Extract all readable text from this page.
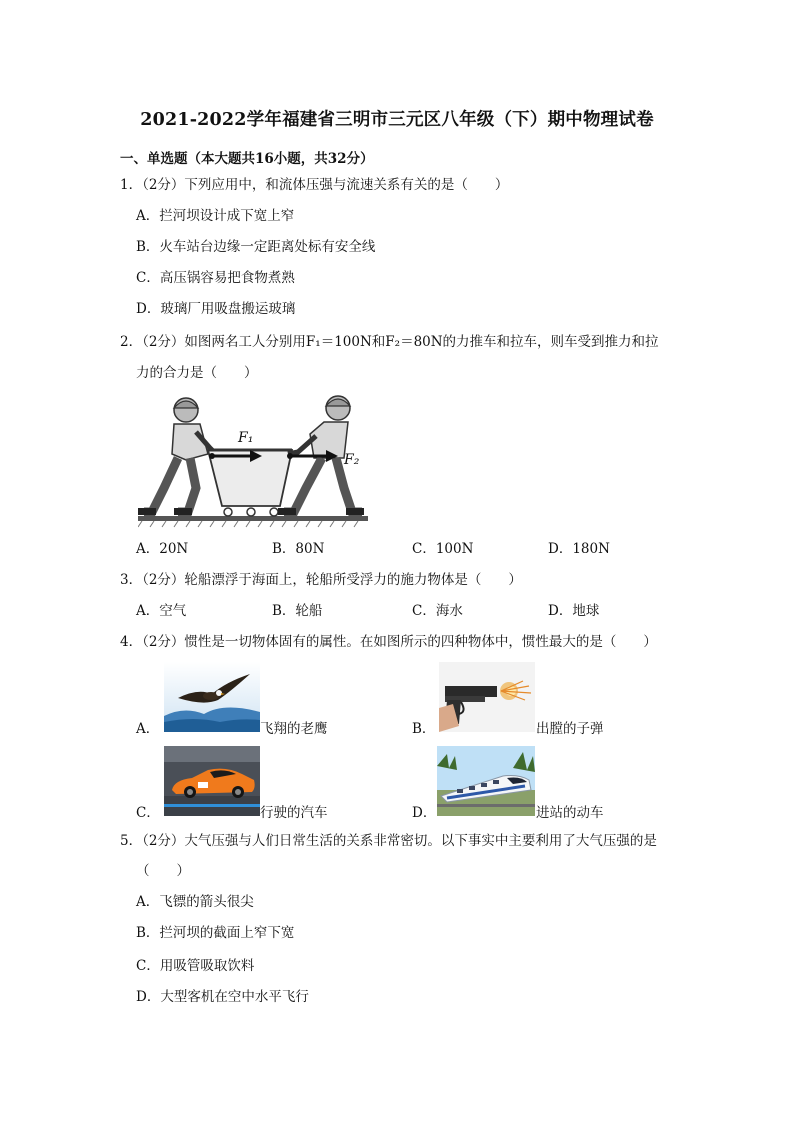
2021-2022学年福建省三明市三元区八年级（下）期中物理试卷
一、单选题（本大题共16小题，共32分）
1．（2分）下列应用中，和流体压强与流速关系有关的是（　　）
A．拦河坝设计成下宽上窄
B．火车站台边缘一定距离处标有安全线
C．高压锅容易把食物煮熟
D．玻璃厂用吸盘搬运玻璃
2．（2分）如图两名工人分别用F₁＝100N和F₂＝80N的力推车和拉车，则车受到推力和拉
力的合力是（　　）
F₁
F₂
A．20N	B．80N	C．100N	D．180N
3．（2分）轮船漂浮于海面上，轮船所受浮力的施力物体是（　　）
A．空气	B．轮船	C．海水	D．地球
4．（2分）惯性是一切物体固有的属性。在如图所示的四种物体中，惯性最大的是（　　）
A．	飞翔的老鹰	B．	出膛的子弹
C．	行驶的汽车	D．	进站的动车
5．（2分）大气压强与人们日常生活的关系非常密切。以下事实中主要利用了大气压强的是
（　　）
A．飞镖的箭头很尖
B．拦河坝的截面上窄下宽
C．用吸管吸取饮料
D．大型客机在空中水平飞行
